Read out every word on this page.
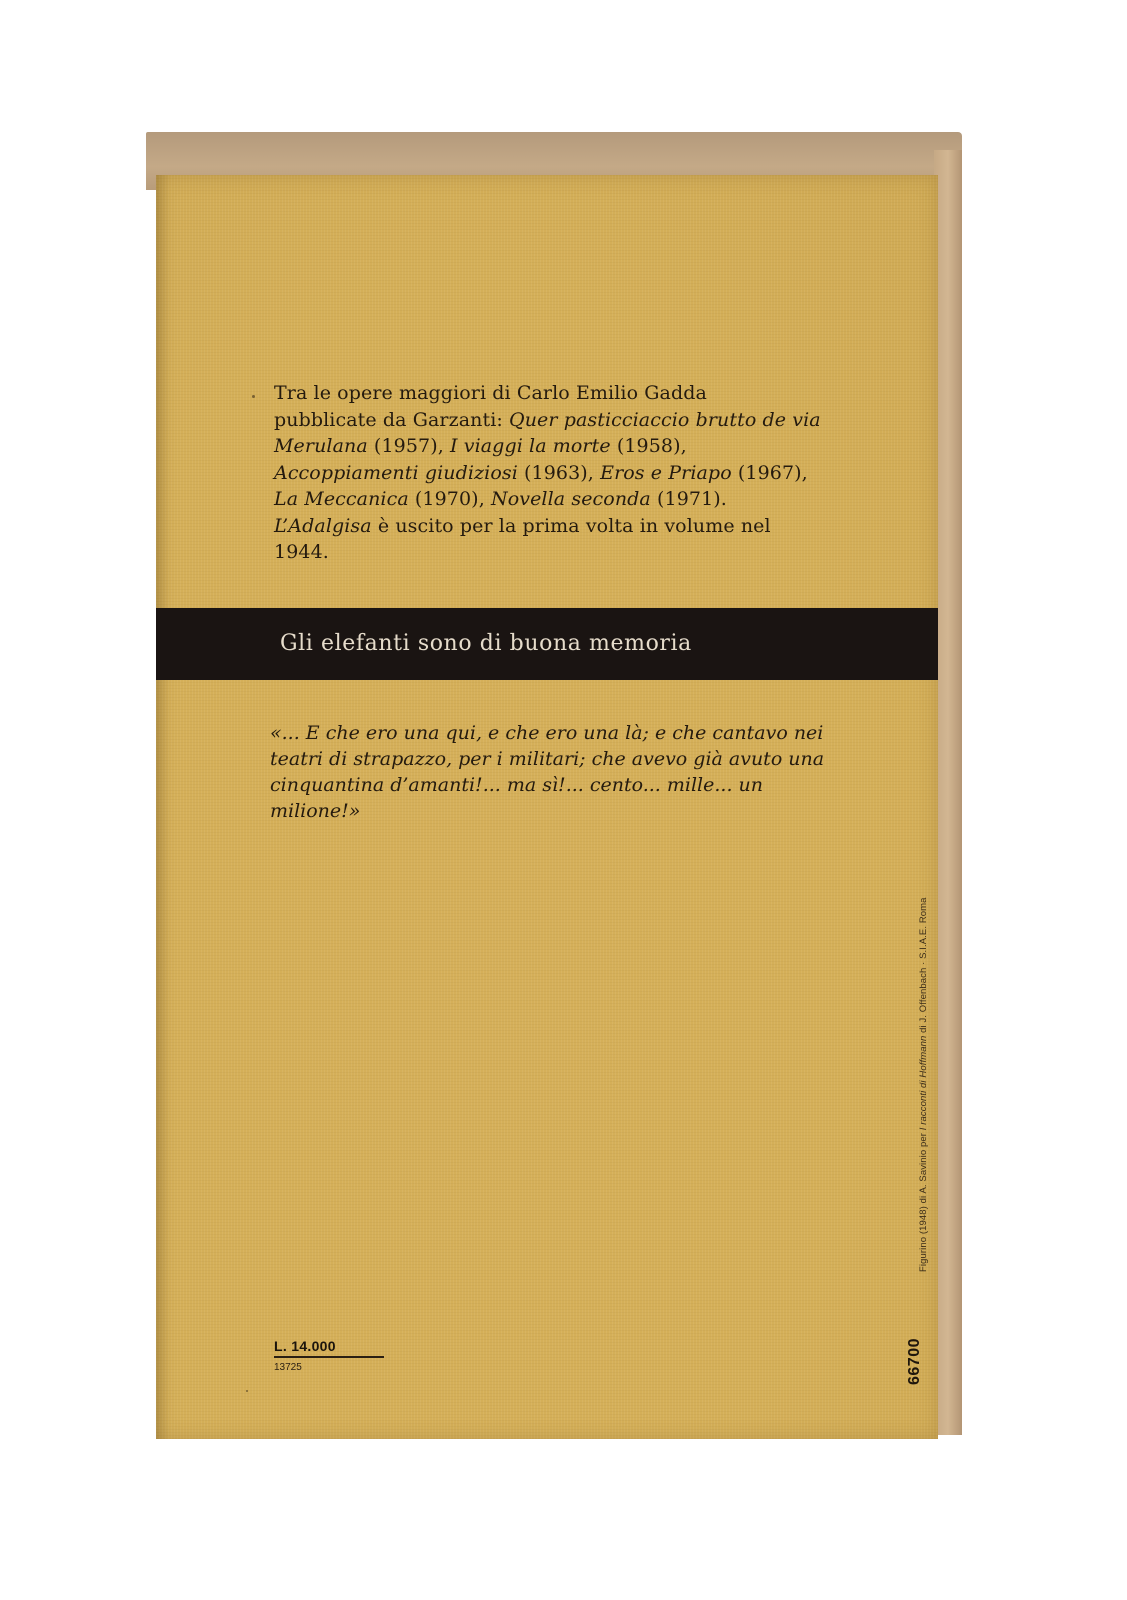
Tra le opere maggiori di Carlo Emilio Gadda
pubblicate da Garzanti: Quer pasticciaccio brutto de via
Merulana (1957), I viaggi la morte (1958),
Accoppiamenti giudiziosi (1963), Eros e Priapo (1967),
La Meccanica (1970), Novella seconda (1971).
L’Adalgisa è uscito per la prima volta in volume nel
1944.

Gli elefanti sono di buona memoria

«... E che ero una qui, e che ero una là; e che cantavo nei
teatri di strapazzo, per i militari; che avevo già avuto una
cinquantina d’amanti!... ma sì!... cento... mille... un
milione!»

L. 14.000
13725
Figurino (1948) di A. Savinio per I racconti di Hoffmann di J. Offenbach · S.I.A.E. Roma
66700
